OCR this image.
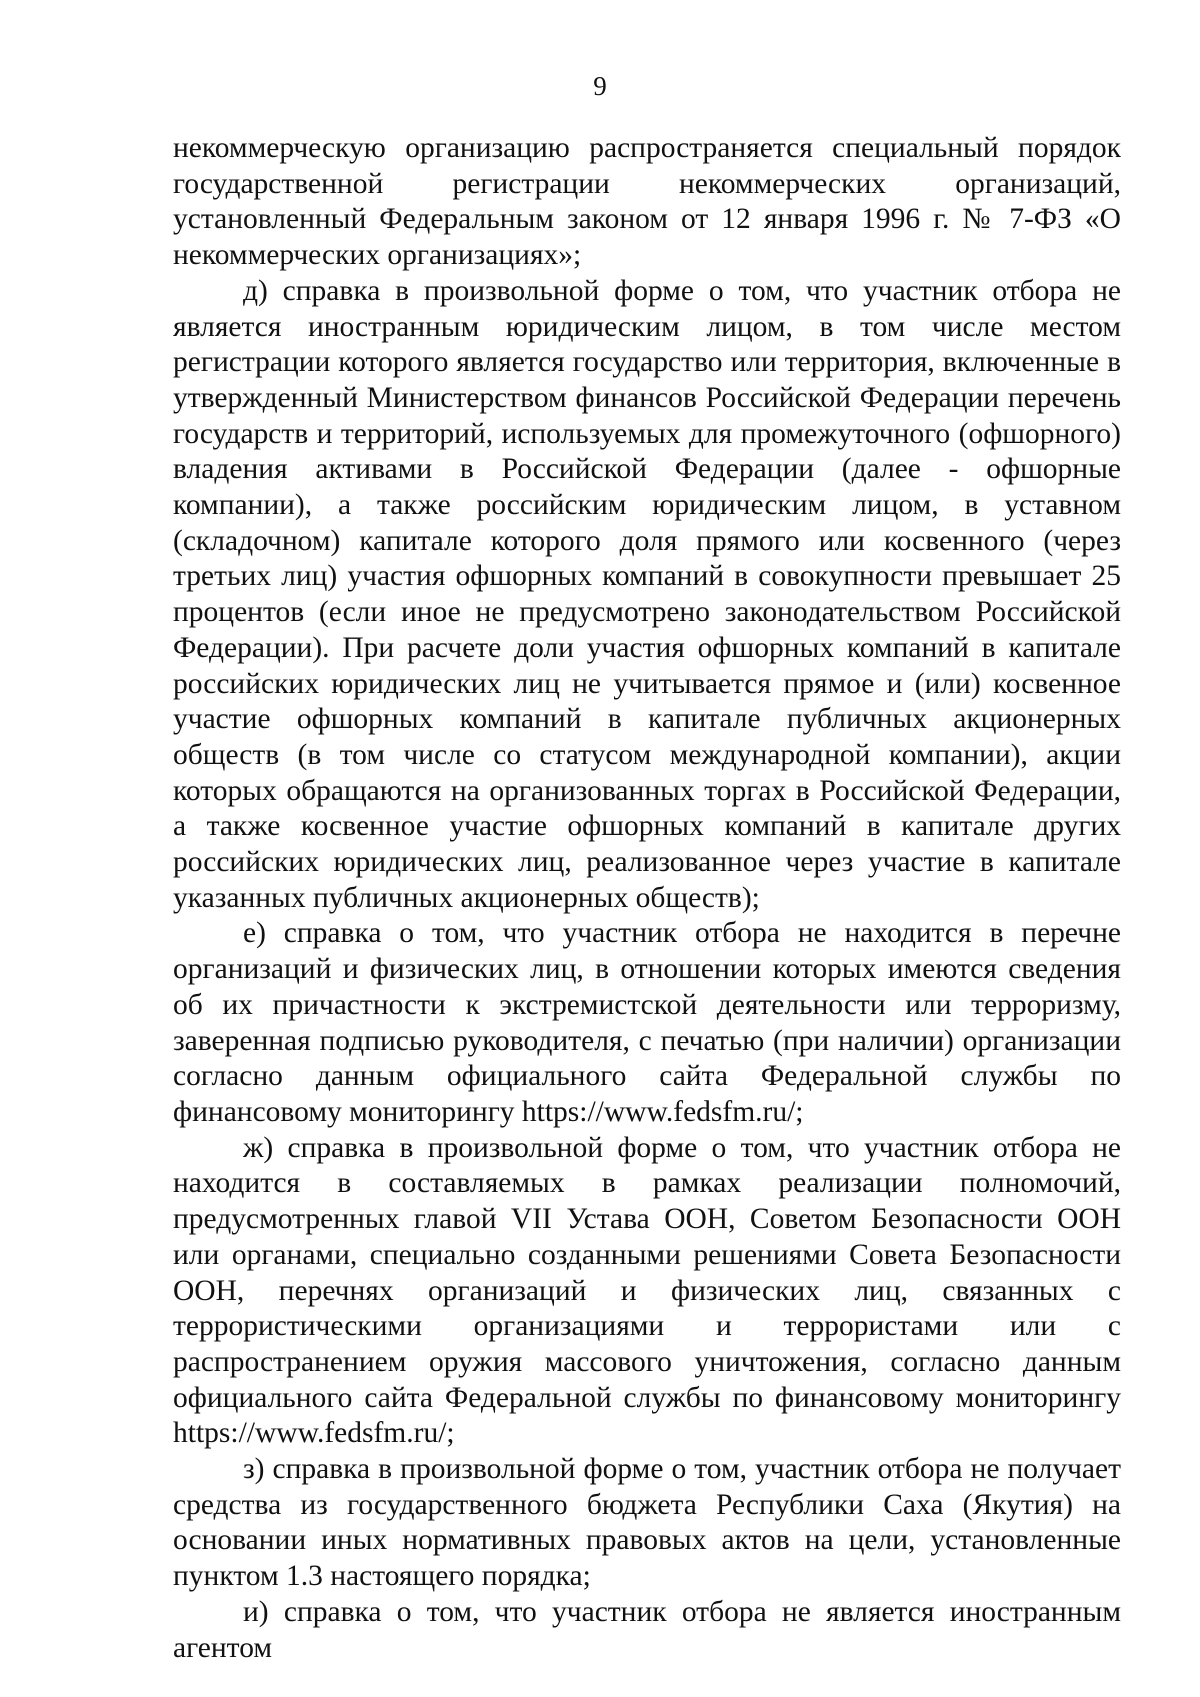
9

некоммерческую организацию распространяется специальный порядок государственной регистрации некоммерческих организаций, установленный Федеральным законом от 12 января 1996 г. № 7-ФЗ «О некоммерческих организациях»;

д) справка в произвольной форме о том, что участник отбора не является иностранным юридическим лицом, в том числе местом регистрации которого является государство или территория, включенные в утвержденный Министерством финансов Российской Федерации перечень государств и территорий, используемых для промежуточного (офшорного) владения активами в Российской Федерации (далее - офшорные компании), а также российским юридическим лицом, в уставном (складочном) капитале которого доля прямого или косвенного (через третьих лиц) участия офшорных компаний в совокупности превышает 25 процентов (если иное не предусмотрено законодательством Российской Федерации). При расчете доли участия офшорных компаний в капитале российских юридических лиц не учитывается прямое и (или) косвенное участие офшорных компаний в капитале публичных акционерных обществ (в том числе со статусом международной компании), акции которых обращаются на организованных торгах в Российской Федерации, а также косвенное участие офшорных компаний в капитале других российских юридических лиц, реализованное через участие в капитале указанных публичных акционерных обществ);

е) справка о том, что участник отбора не находится в перечне организаций и физических лиц, в отношении которых имеются сведения об их причастности к экстремистской деятельности или терроризму, заверенная подписью руководителя, с печатью (при наличии) организации согласно данным официального сайта Федеральной службы по финансовому мониторингу https://www.fedsfm.ru/;

ж) справка в произвольной форме о том, что участник отбора не находится в составляемых в рамках реализации полномочий, предусмотренных главой VII Устава ООН, Советом Безопасности ООН или органами, специально созданными решениями Совета Безопасности ООН, перечнях организаций и физических лиц, связанных с террористическими организациями и террористами или с распространением оружия массового уничтожения, согласно данным официального сайта Федеральной службы по финансовому мониторингу https://www.fedsfm.ru/;

з) справка в произвольной форме о том, участник отбора не получает средства из государственного бюджета Республики Саха (Якутия) на основании иных нормативных правовых актов на цели, установленные пунктом 1.3 настоящего порядка;

и) справка о том, что участник отбора не является иностранным агентом
